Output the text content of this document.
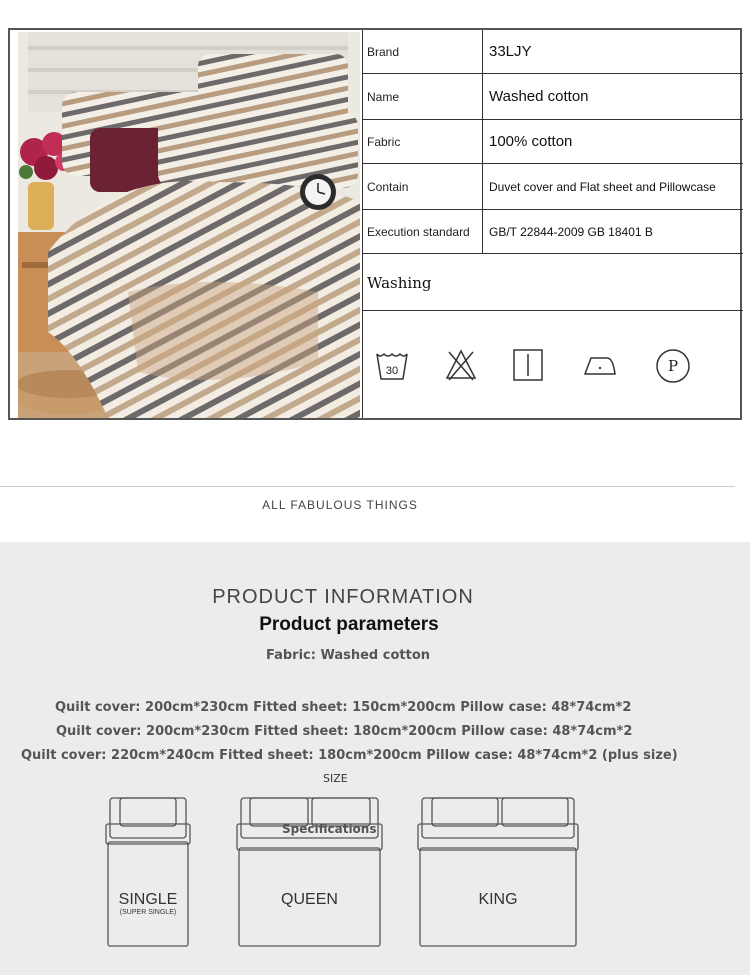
Brand	33LJY
Name	Washed cotton
Fabric	100% cotton
Contain	Duvet cover and Flat sheet and Pillowcase
Execution standard	GB/T 22844-2009 GB 18401 B
Washing
30	P
ALL FABULOUS THINGS
PRODUCT INFORMATION
Product parameters
Fabric: Washed cotton
Quilt cover: 200cm*230cm Fitted sheet: 150cm*200cm Pillow case: 48*74cm*2
Quilt cover: 200cm*230cm Fitted sheet: 180cm*200cm Pillow case: 48*74cm*2
Quilt cover: 220cm*240cm Fitted sheet: 180cm*200cm Pillow case: 48*74cm*2 (plus size)
SIZE
Specifications
SINGLE
(SUPER SINGLE)
QUEEN	KING
